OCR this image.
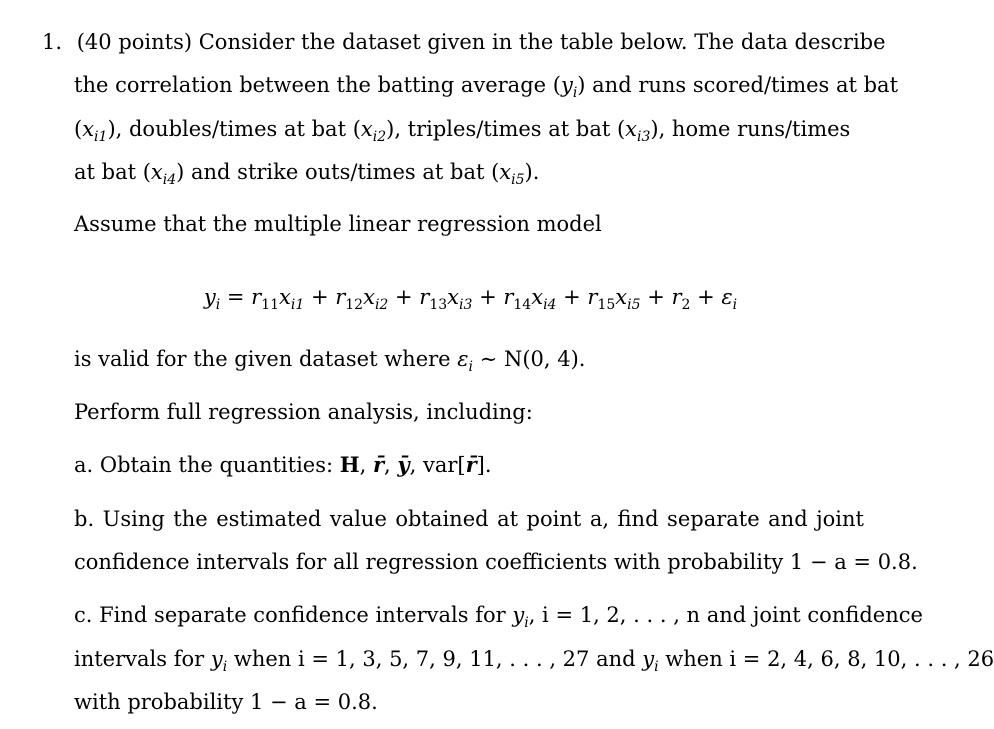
1. (40 points) Consider the dataset given in the table below. The data describe
the correlation between the batting average $(y_i)$ and runs scored/times at bat
$(x_{i1})$, doubles/times at bat $(x_{i2})$, triples/times at bat $(x_{i3})$, home runs/times
at bat $(x_{i4})$ and strike outs/times at bat $(x_{i5})$.
Assume that the multiple linear regression model
$y_i = r_{11}x_{i1} + r_{12}x_{i2} + r_{13}x_{i3} + r_{14}x_{i4} + r_{15}x_{i5} + r_2 + \varepsilon_i$
is valid for the given dataset where $\varepsilon_i$ ∼ N(0, 4).
Perform full regression analysis, including:
a. Obtain the quantities: H, r̄, ȳ, var[r̄].
b. Using the estimated value obtained at point a, find separate and joint
confidence intervals for all regression coefficients with probability 1 − a = 0.8.
c. Find separate confidence intervals for $y_i$, i = 1, 2, . . . , n and joint confidence
intervals for $y_i$ when i = 1, 3, 5, 7, 9, 11, . . . , 27 and $y_i$ when i = 2, 4, 6, 8, 10, . . . , 26
with probability 1 − a = 0.8.
